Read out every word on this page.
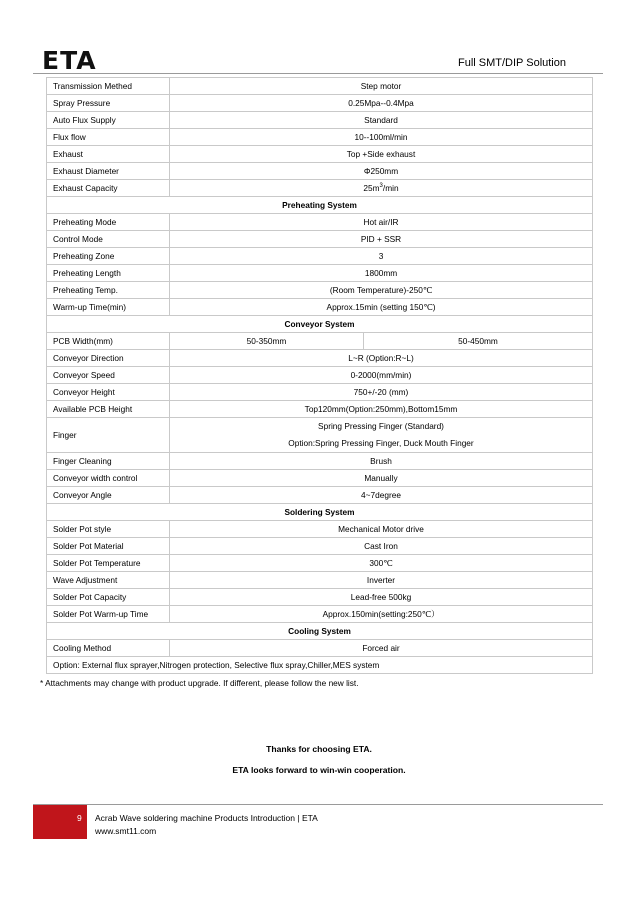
ETA	Full SMT/DIP Solution
Transmission Methed	Step motor	
Spray Pressure	0.25Mpa--0.4Mpa	
Auto Flux Supply	Standard	
Flux flow	10--100ml/min	
Exhaust	Top +Side exhaust	
Exhaust Diameter	Φ250mm	
Exhaust Capacity	$25m^3/\min$	
Preheating System		
Preheating Mode	Hot air/IR	
Control Mode	PID + SSR	
Preheating Zone	3	
Preheating Length	1800mm	
Preheating Temp.	(Room Temperature)-250℃	
Warm-up Time(min)	Approx.15min (setting 150℃)	
Conveyor System		
PCB Width(mm)	50-350mm	50-450mm
Conveyor Direction	L~R (Option:R~L)	
Conveyor Speed	0-2000(mm/min)	
Conveyor Height	750+/-20 (mm)	
Available PCB Height	Top120mm(Option:250mm),Bottom15mm	
Finger	Spring Pressing Finger (Standard)
Option:Spring Pressing Finger, Duck Mouth Finger	

Finger Cleaning	Brush	
Conveyor width control	Manually	
Conveyor Angle	4~7degree	
Soldering System		
Solder Pot style	Mechanical Motor drive	
Solder Pot Material	Cast Iron	
Solder Pot Temperature	300℃	
Wave Adjustment	Inverter	
Solder Pot Capacity	Lead-free 500kg	
Solder Pot Warm-up Time	Approx.150min(setting:250℃）	
Cooling System		
Cooling Method	Forced air	
Option: External flux sprayer,Nitrogen protection, Selective flux spray,Chiller,MES system		
* Attachments may change with product upgrade. If different, please follow the new list.
Thanks for choosing ETA.
ETA looks forward to win-win cooperation.
9 Acrab Wave soldering machine Products Introduction | ETA
www.smt11.com
